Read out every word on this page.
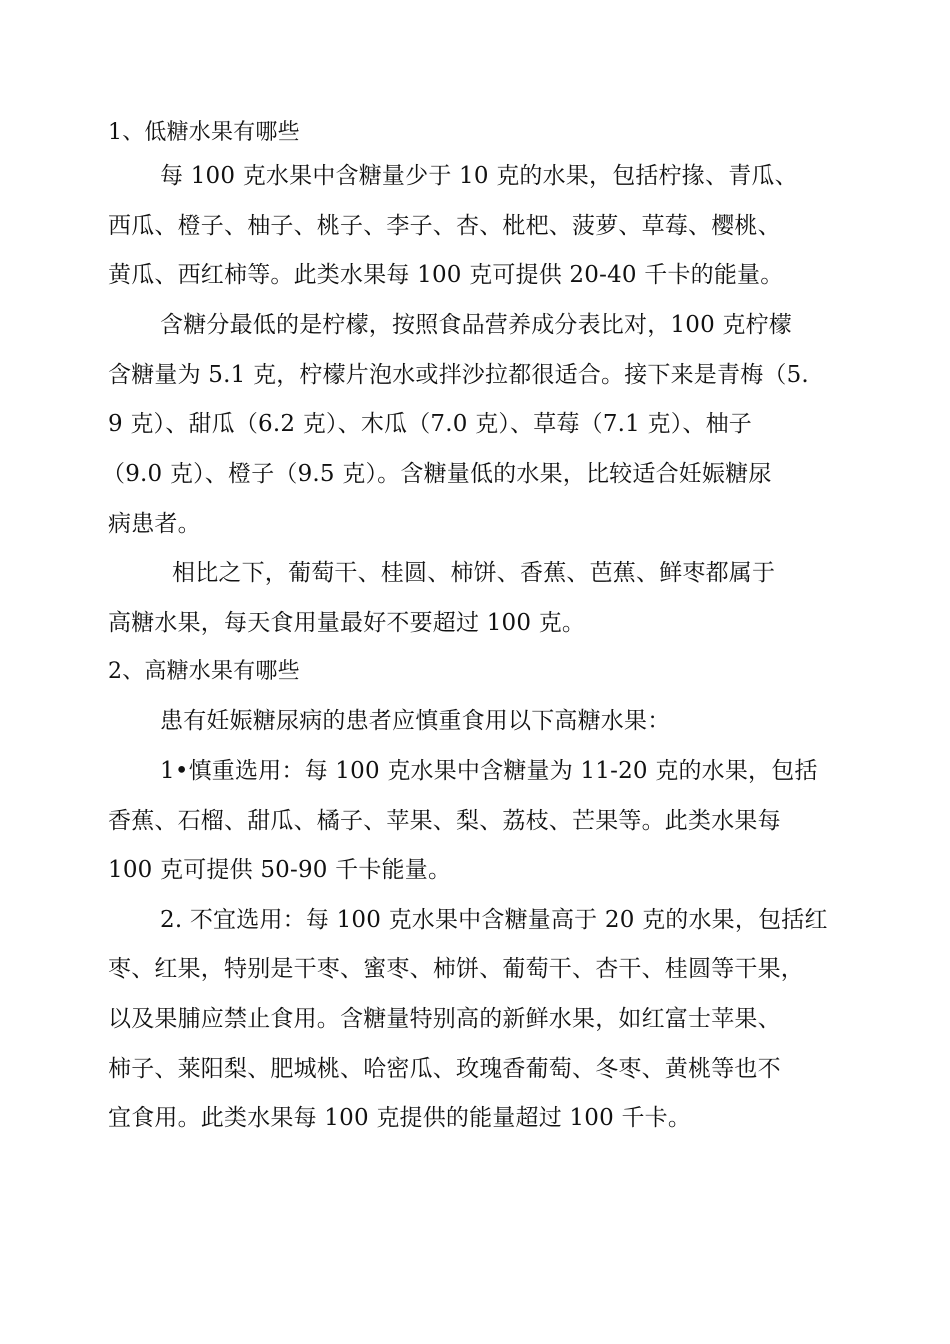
1、低糖水果有哪些
每 100 克水果中含糖量少于 10 克的水果，包括柠掾、青瓜、
西瓜、橙子、柚子、桃子、李子、杏、枇杷、菠萝、草莓、樱桃、
黄瓜、西红柿等。此类水果每 100 克可提供 20-40 千卡的能量。
含糖分最低的是柠檬，按照食品营养成分表比对，100 克柠檬
含糖量为 5.1 克，柠檬片泡水或拌沙拉都很适合。接下来是青梅（5.
9 克）、甜瓜（6.2 克）、木瓜（7.0 克）、草莓（7.1 克）、柚子
（9.0 克）、橙子（9.5 克）。含糖量低的水果，比较适合妊娠糖尿
病患者。
相比之下，葡萄干、桂圆、柿饼、香蕉、芭蕉、鲜枣都属于
高糖水果，每天食用量最好不要超过 100 克。
2、高糖水果有哪些
患有妊娠糖尿病的患者应慎重食用以下高糖水果：
1•慎重选用：每 100 克水果中含糖量为 11-20 克的水果，包括
香蕉、石榴、甜瓜、橘子、苹果、梨、荔枝、芒果等。此类水果每
100 克可提供 50-90 千卡能量。
2. 不宜选用：每 100 克水果中含糖量高于 20 克的水果，包括红
枣、红果，特别是干枣、蜜枣、柿饼、葡萄干、杏干、桂圆等干果，
以及果脯应禁止食用。含糖量特别高的新鲜水果，如红富士苹果、
柿子、莱阳梨、肥城桃、哈密瓜、玫瑰香葡萄、冬枣、黄桃等也不
宜食用。此类水果每 100 克提供的能量超过 100 千卡。
